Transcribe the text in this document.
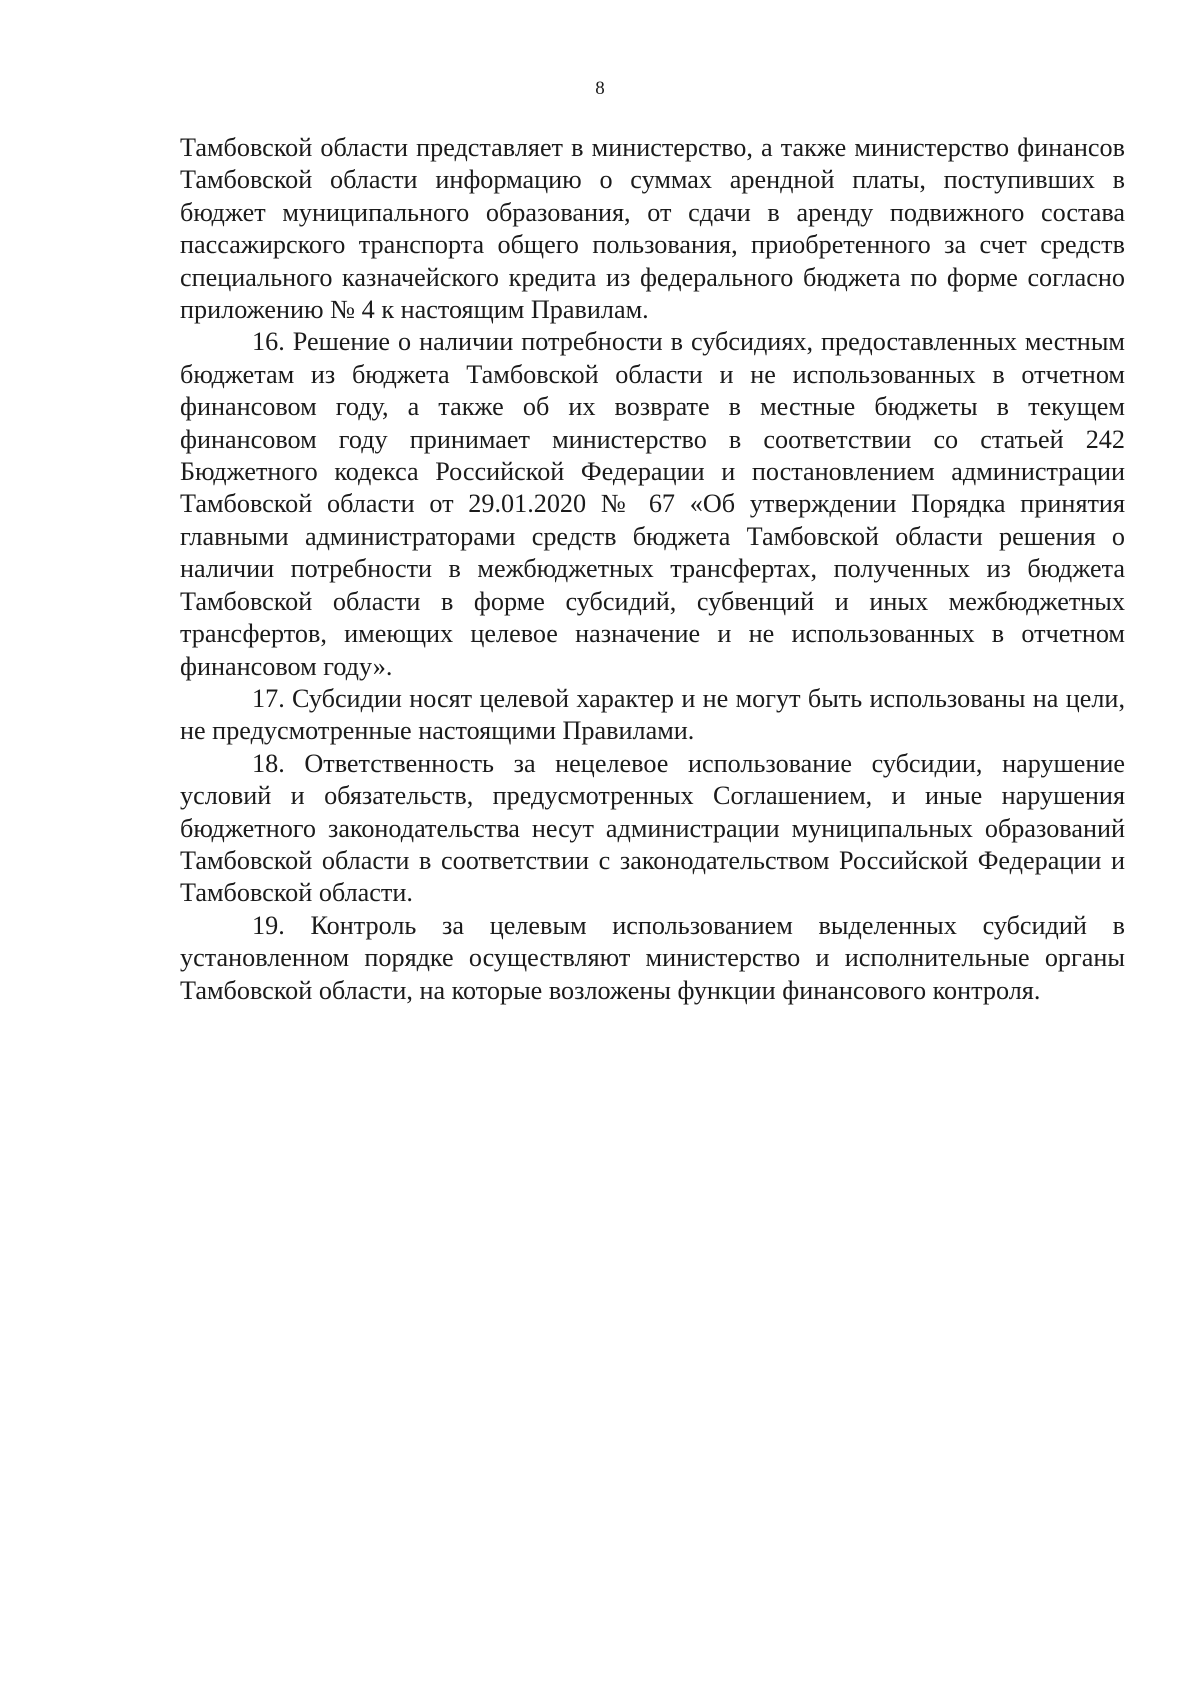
8

Тамбовской области представляет в министерство, а также министерство финансов Тамбовской области информацию о суммах арендной платы, поступивших в бюджет муниципального образования, от сдачи в аренду подвижного состава пассажирского транспорта общего пользования, приобретенного за счет средств специального казначейского кредита из федерального бюджета по форме согласно приложению № 4 к настоящим Правилам.

16. Решение о наличии потребности в субсидиях, предоставленных местным бюджетам из бюджета Тамбовской области и не использованных в отчетном финансовом году, а также об их возврате в местные бюджеты в текущем финансовом году принимает министерство в соответствии со статьей 242 Бюджетного кодекса Российской Федерации и постановлением администрации Тамбовской области от 29.01.2020 № 67 «Об утверждении Порядка принятия главными администраторами средств бюджета Тамбовской области решения о наличии потребности в межбюджетных трансфертах, полученных из бюджета Тамбовской области в форме субсидий, субвенций и иных межбюджетных трансфертов, имеющих целевое назначение и не использованных в отчетном финансовом году».

17. Субсидии носят целевой характер и не могут быть использованы на цели, не предусмотренные настоящими Правилами.

18. Ответственность за нецелевое использование субсидии, нарушение условий и обязательств, предусмотренных Соглашением, и иные нарушения бюджетного законодательства несут администрации муниципальных образований Тамбовской области в соответствии с законодательством Российской Федерации и Тамбовской области.

19. Контроль за целевым использованием выделенных субсидий в установленном порядке осуществляют министерство и исполнительные органы Тамбовской области, на которые возложены функции финансового контроля.
